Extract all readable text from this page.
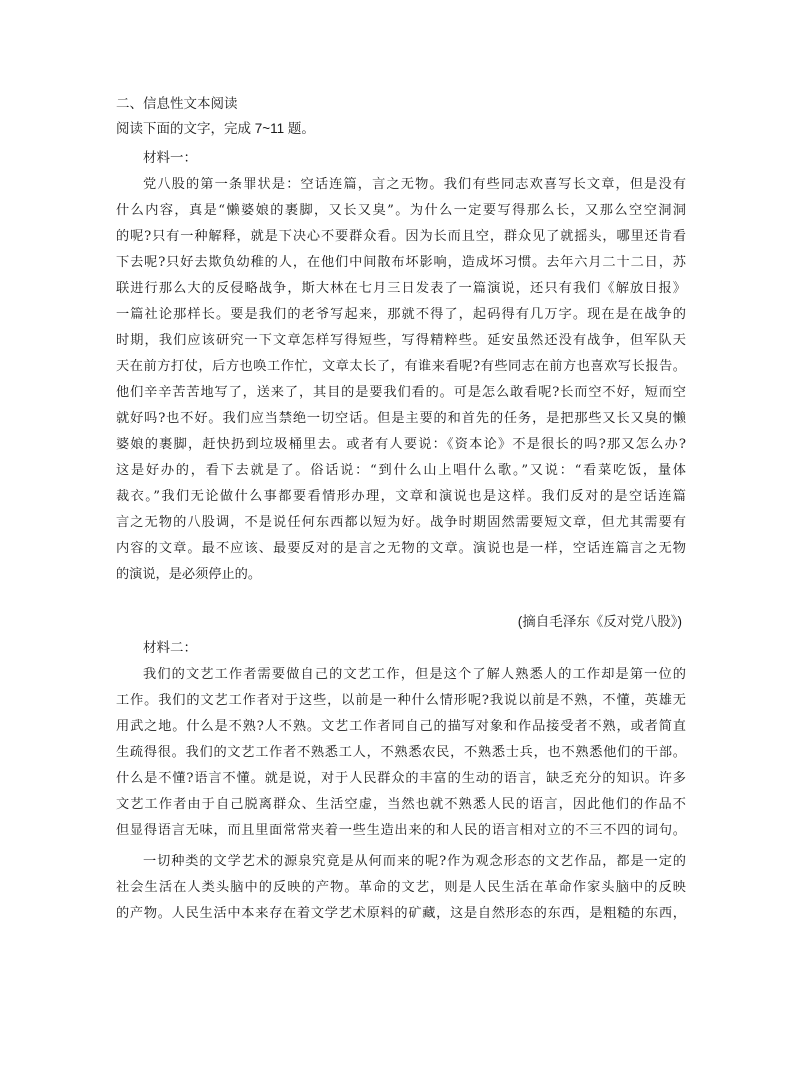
二、信息性文本阅读
阅读下面的文字，完成 7~11 题。
材料一：
党八股的第一条罪状是：空话连篇，言之无物。我们有些同志欢喜写长文章，但是没有
什么内容，真是“懒婆娘的裹脚，又长又臭”。为什么一定要写得那么长，又那么空空洞洞
的呢?只有一种解释，就是下决心不要群众看。因为长而且空，群众见了就摇头，哪里还肯看
下去呢?只好去欺负幼稚的人，在他们中间散布坏影响，造成坏习惯。去年六月二十二日，苏
联进行那么大的反侵略战争，斯大林在七月三日发表了一篇演说，还只有我们《解放日报》
一篇社论那样长。要是我们的老爷写起来，那就不得了，起码得有几万字。现在是在战争的
时期，我们应该研究一下文章怎样写得短些，写得精粹些。延安虽然还没有战争，但军队天
天在前方打仗，后方也唤工作忙，文章太长了，有谁来看呢?有些同志在前方也喜欢写长报告。
他们辛辛苦苦地写了，送来了，其目的是要我们看的。可是怎么敢看呢?长而空不好，短而空
就好吗?也不好。我们应当禁绝一切空话。但是主要的和首先的任务，是把那些又长又臭的懒
婆娘的裹脚，赶快扔到垃圾桶里去。或者有人要说：《资本论》不是很长的吗?那又怎么办?
这是好办的，看下去就是了。俗话说：“到什么山上唱什么歌。”又说：“看菜吃饭，量体
裁衣。”我们无论做什么事都要看情形办理，文章和演说也是这样。我们反对的是空话连篇
言之无物的八股调，不是说任何东西都以短为好。战争时期固然需要短文章，但尤其需要有
内容的文章。最不应该、最要反对的是言之无物的文章。演说也是一样，空话连篇言之无物
的演说，是必须停止的。
(摘自毛泽东《反对党八股》)
材料二：
我们的文艺工作者需要做自己的文艺工作，但是这个了解人熟悉人的工作却是第一位的
工作。我们的文艺工作者对于这些，以前是一种什么情形呢?我说以前是不熟，不懂，英雄无
用武之地。什么是不熟?人不熟。文艺工作者同自己的描写对象和作品接受者不熟，或者简直
生疏得很。我们的文艺工作者不熟悉工人，不熟悉农民，不熟悉士兵，也不熟悉他们的干部。
什么是不懂?语言不懂。就是说，对于人民群众的丰富的生动的语言，缺乏充分的知识。许多
文艺工作者由于自己脱离群众、生活空虚，当然也就不熟悉人民的语言，因此他们的作品不
但显得语言无味，而且里面常常夹着一些生造出来的和人民的语言相对立的不三不四的词句。
一切种类的文学艺术的源泉究竟是从何而来的呢?作为观念形态的文艺作品，都是一定的
社会生活在人类头脑中的反映的产物。革命的文艺，则是人民生活在革命作家头脑中的反映
的产物。人民生活中本来存在着文学艺术原料的矿藏，这是自然形态的东西，是粗糙的东西，
